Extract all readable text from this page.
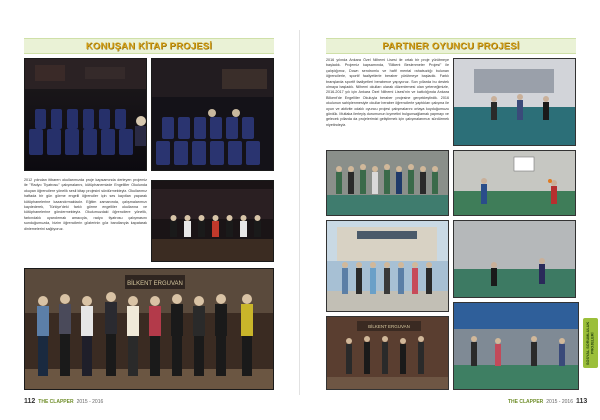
KONUŞAN KİTAP PROJESİ
2012 yılından itibaren okullarımızda proje kapsamında derleyen projemiz ile "Radyo Tiyatrosu" çalışmalarını, kütüphanemizde Engelliler Okulunda okuyan öğrencilere yönelik sesli kitap projesini sürdürmekteyiz. Okullarımız haftada bir gün görme engelli öğrenciler için ses kayıtları yaparak kütüphanelerine kazandırmaktadır. Eğitim zamanında, çalışmalarımızı kaydederek, Türkiye'deki farklı görme engelliler okullarına ve kütüphanelerine göndermekteyiz. Okulumuzdaki öğrencilere yönelik, farkındalık uyandırmak amacıyla, radyo tiyatrosu çalışmasını sunduğumuzda, bizim öğrencilerin gözlerinin göz bandlarıyla kapatarak dinlemelerini sağlıyoruz.
BİLKENT ERGUVAN
112 THE CLAPPER 2015 - 2016
PARTNER OYUNCU PROJESİ
2016 yılında Ankara Özel Nilhemi Lisesi ile ortak bir proje yürütmeye başladık. Projemiz kapsamında, "Bilkent Beslenmeler Projesi" ile çalıştığımız, Down sendromlu ve hafif mental rahatsızlığı bulunan öğrencilerle, sportif faaliyetlerle beraber yürütmeye başladık. Farklı branşlarda sportif faaliyetleri beraberce yapıyoruz. Son yıllarda bu destek olmaya başladık. Nilhemi okulları olarak düzenlemesi olan yeteneğimizle, 2016-2017 yılı için Ankara Özel Nilhemi Lisesi'nin ve katkılığında Ankara Bilkent'de Engelliler Okuluyla beraber projesine gerçekleştirdik. 2016 okulunun sahiplenmesiyle okullar beraber öğrencilerle yaptıkları çalışma ile oyun ve aktivite odaklı oyuncu projesi çalışmalarını ortaya koyduğumuzu gördük. Mutlaka ilerleyiş durumunun kıymetini bulgunsağlamak yapmayı ve gelecek yıllarda da projelerimizi geliştirmek için çalışmalarımızı sürdürmek niyetindeyiz.
BİLKENT ERGUVAN	SOSYAL SORUMLULUK PROJELERİ
THE CLAPPER 2015 - 2016 113
